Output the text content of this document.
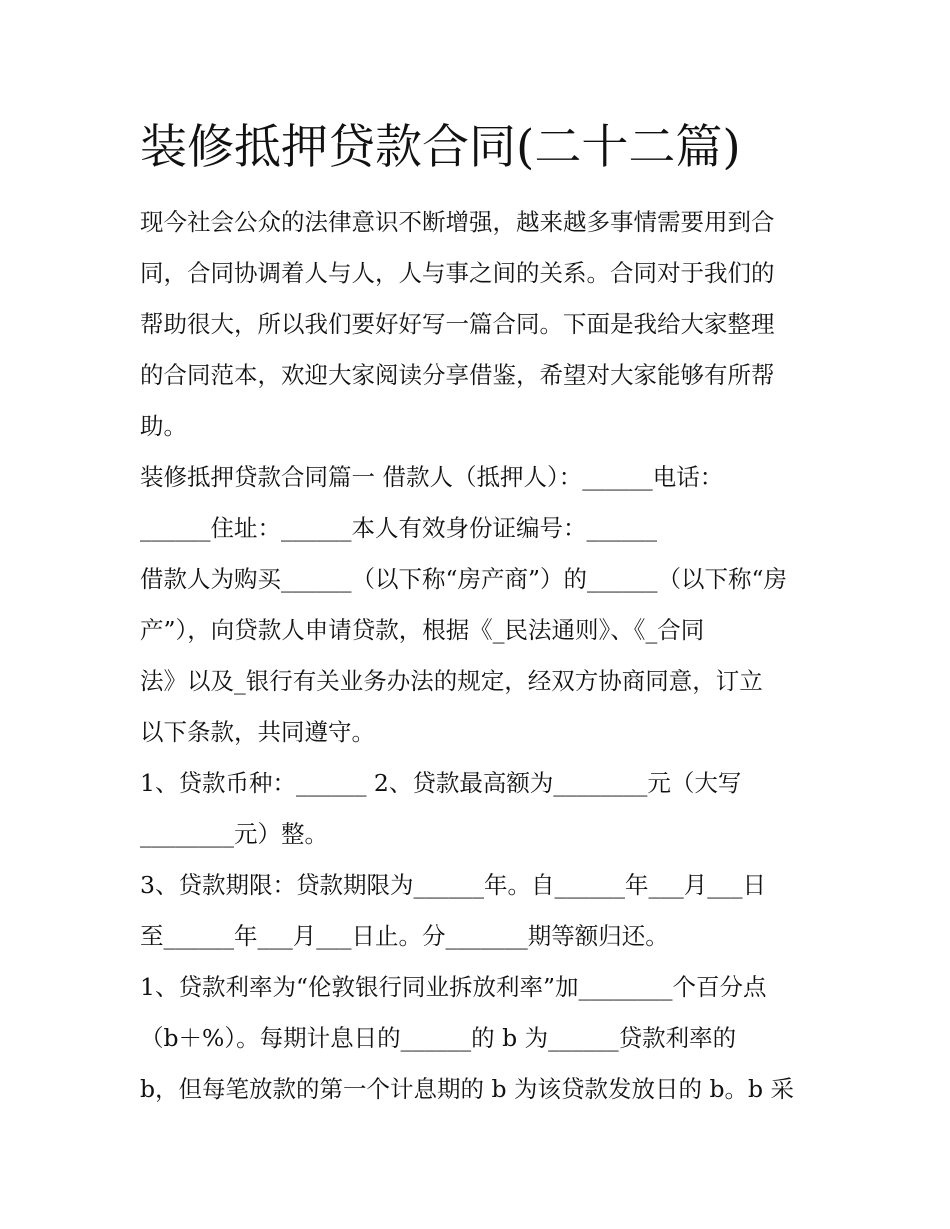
装修抵押贷款合同(二十二篇)

现今社会公众的法律意识不断增强，越来越多事情需要用到合

同，合同协调着人与人，人与事之间的关系。合同对于我们的

帮助很大，所以我们要好好写一篇合同。下面是我给大家整理

的合同范本，欢迎大家阅读分享借鉴，希望对大家能够有所帮

助。

装修抵押贷款合同篇一 借款人（抵押人）：______电话：

______住址：______本人有效身份证编号：______

借款人为购买______（以下称“房产商”）的______（以下称“房

产”），向贷款人申请贷款，根据《_民法通则》、《_合同

法》以及_银行有关业务办法的规定，经双方协商同意，订立

以下条款，共同遵守。

1、贷款币种：______ 2、贷款最高额为________元（大写

________元）整。

3、贷款期限：贷款期限为______年。自______年___月___日

至______年___月___日止。分_______期等额归还。

1、贷款利率为“伦敦银行同业拆放利率”加________个百分点

（b＋%）。每期计息日的______的 b 为______贷款利率的

b，但每笔放款的第一个计息期的 b 为该贷款发放日的 b。b 采
